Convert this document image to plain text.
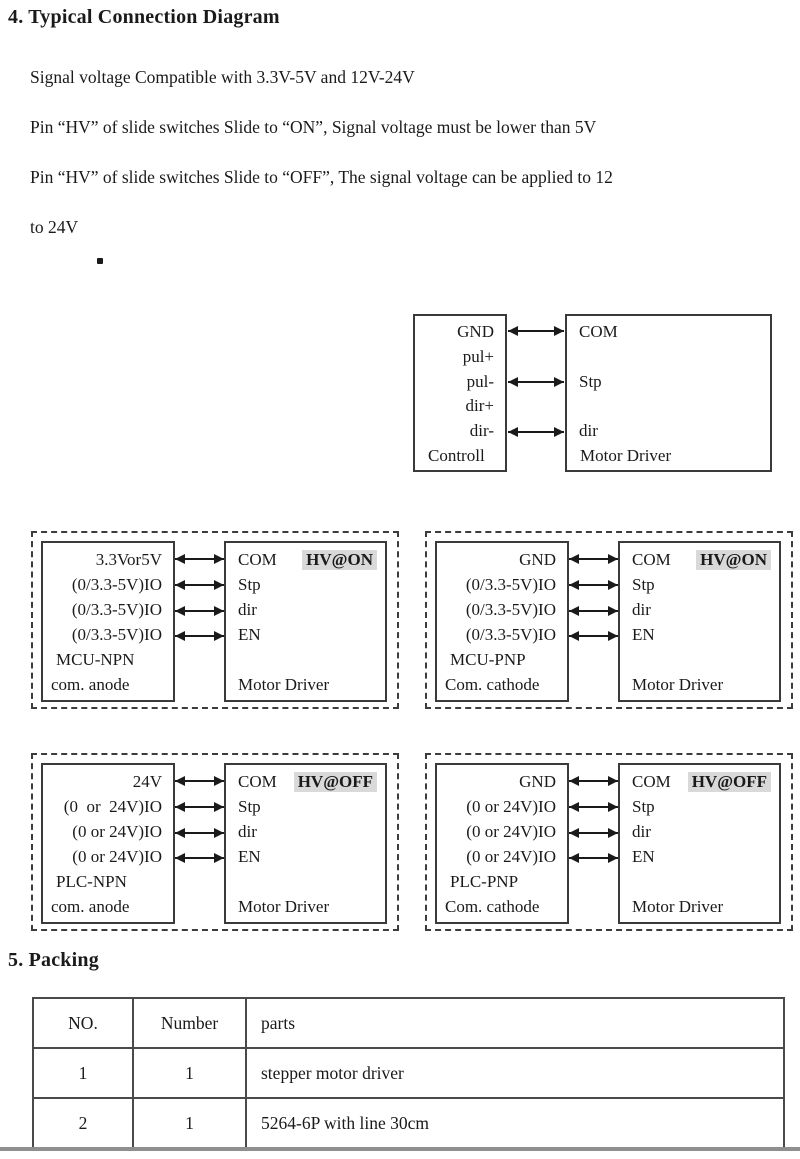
4. Typical Connection Diagram
Signal voltage Compatible with 3.3V-5V and 12V-24V
Pin “HV” of slide switches Slide to “ON”, Signal voltage must be lower than 5V
Pin “HV” of slide switches Slide to “OFF”, The signal voltage can be applied to 12
to 24V
GND
pul+
pul-
dir+
dir-
Controll
COM
Stp
dir
Motor Driver
3.3Vor5V
(0/3.3-5V)IO
(0/3.3-5V)IO
(0/3.3-5V)IO
MCU-NPN
com. anode
COM HV@ON
Stp
dir
EN
Motor Driver
GND
(0/3.3-5V)IO
(0/3.3-5V)IO
(0/3.3-5V)IO
MCU-PNP
Com. cathode
COM HV@ON
Stp
dir
EN
Motor Driver
24V
(0  or  24V)IO
(0 or 24V)IO
(0 or 24V)IO
PLC-NPN
com. anode
COM HV@OFF
Stp
dir
EN
Motor Driver
GND
(0 or 24V)IO
(0 or 24V)IO
(0 or 24V)IO
PLC-PNP
Com. cathode
COM HV@OFF
Stp
dir
EN
Motor Driver
5. Packing
NO.	Number	parts
1	1	stepper motor driver
2	1	5264-6P with line 30cm
